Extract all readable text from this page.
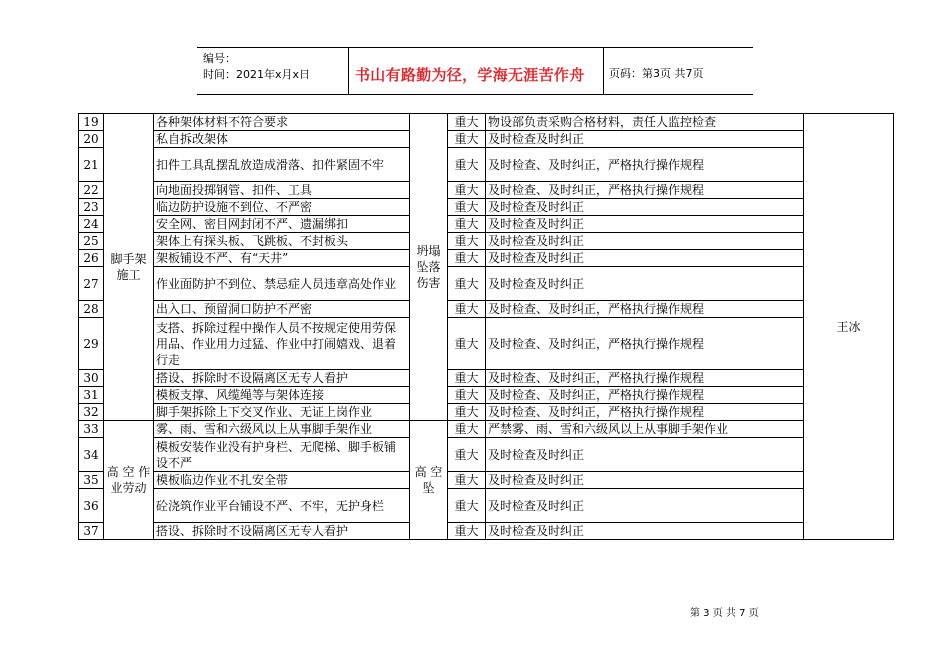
编号：
时间：2021年x月x日	书山有路勤为径，学海无涯苦作舟 页码：第3页 共7页
19	脚手架施工	各种架体材料不符合要求	坍塌坠落伤害	重大	物设部负责采购合格材料，责任人监控检查	王冰
20		私自拆改架体		重大	及时检查及时纠正	
21		扣件工具乱摆乱放造成滑落、扣件紧固不牢		重大	及时检查、及时纠正，严格执行操作规程	
22		向地面投掷钢管、扣件、工具		重大	及时检查、及时纠正，严格执行操作规程	
23		临边防护设施不到位、不严密		重大	及时检查及时纠正	
24		安全网、密目网封闭不严、遗漏绑扣		重大	及时检查及时纠正	
25		架体上有探头板、飞跳板、不封板头		重大	及时检查及时纠正	
26		架板铺设不严、有“天井”		重大	及时检查及时纠正	
27		作业面防护不到位、禁忌症人员违章高处作业		重大	及时检查及时纠正	
28		出入口、预留洞口防护不严密		重大	及时检查、及时纠正，严格执行操作规程	
29		支搭、拆除过程中操作人员不按规定使用劳保用品、作业用力过猛、作业中打闹嬉戏、退着行走		重大	及时检查、及时纠正，严格执行操作规程	
30		搭设、拆除时不设隔离区无专人看护		重大	及时检查、及时纠正，严格执行操作规程	
31		模板支撑、风缆绳等与架体连接		重大	及时检查、及时纠正，严格执行操作规程	
32		脚手架拆除上下交叉作业、无证上岗作业		重大	及时检查、及时纠正，严格执行操作规程	
33	高 空 作业劳动	雾、雨、雪和六级风以上从事脚手架作业	高 空坠	重大	严禁雾、雨、雪和六级风以上从事脚手架作业	
34		模板安装作业没有护身栏、无爬梯、脚手板铺设不严		重大	及时检查及时纠正	
35		模板临边作业不扎安全带		重大	及时检查及时纠正	
36		砼浇筑作业平台铺设不严、不牢，无护身栏		重大	及时检查及时纠正	
37		搭设、拆除时不设隔离区无专人看护		重大	及时检查及时纠正	
第 3 页 共 7 页
